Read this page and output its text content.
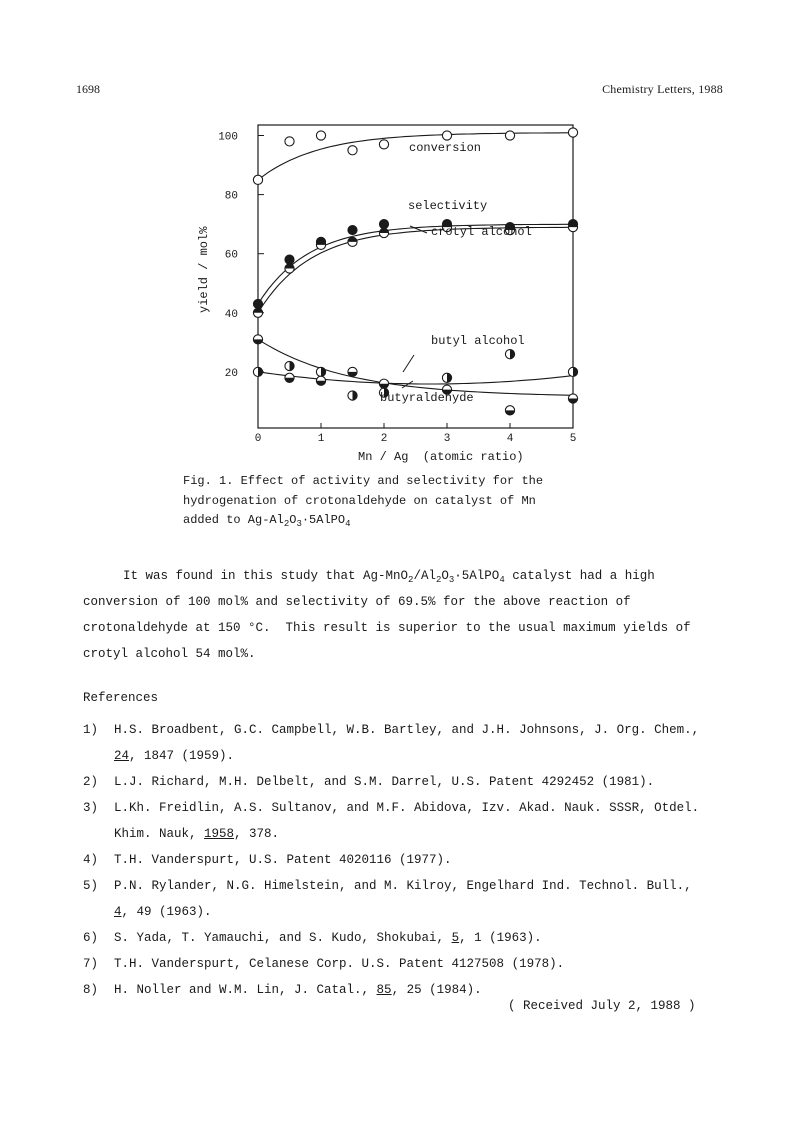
1698	Chemistry Letters, 1988
0	1	2	3	4	5
20
40
60
80
100
conversion
selectivity
crotyl alcohol
butyl alcohol
butyraldehyde
Mn / Ag  (atomic ratio)
yield / mol%
Fig. 1. Effect of activity and selectivity for the
hydrogenation of crotonaldehyde on catalyst of Mn
added to $Ag-Al_2O_3\cdot 5AlPO_4$
It was found in this study that $Ag-MnO_2/Al_2O_3\cdot 5AlPO_4$ catalyst had a high
conversion of 100 mol% and selectivity of 69.5% for the above reaction of
crotonaldehyde at 150 °C.  This result is superior to the usual maximum yields of
crotyl alcohol 54 mol%.
References
1)	H.S. Broadbent, G.C. Campbell, W.B. Bartley, and J.H. Johnsons, J. Org. Chem.,
24, 1847 (1959).
2)	L.J. Richard, M.H. Delbelt, and S.M. Darrel, U.S. Patent 4292452 (1981).
3)	L.Kh. Freidlin, A.S. Sultanov, and M.F. Abidova, Izv. Akad. Nauk. SSSR, Otdel.
Khim. Nauk, 1958, 378.
4)	T.H. Vanderspurt, U.S. Patent 4020116 (1977).
5)	P.N. Rylander, N.G. Himelstein, and M. Kilroy, Engelhard Ind. Technol. Bull.,
4, 49 (1963).
6)	S. Yada, T. Yamauchi, and S. Kudo, Shokubai, 5, 1 (1963).
7)	T.H. Vanderspurt, Celanese Corp. U.S. Patent 4127508 (1978).
8)	H. Noller and W.M. Lin, J. Catal., 85, 25 (1984).
( Received July 2, 1988 )
